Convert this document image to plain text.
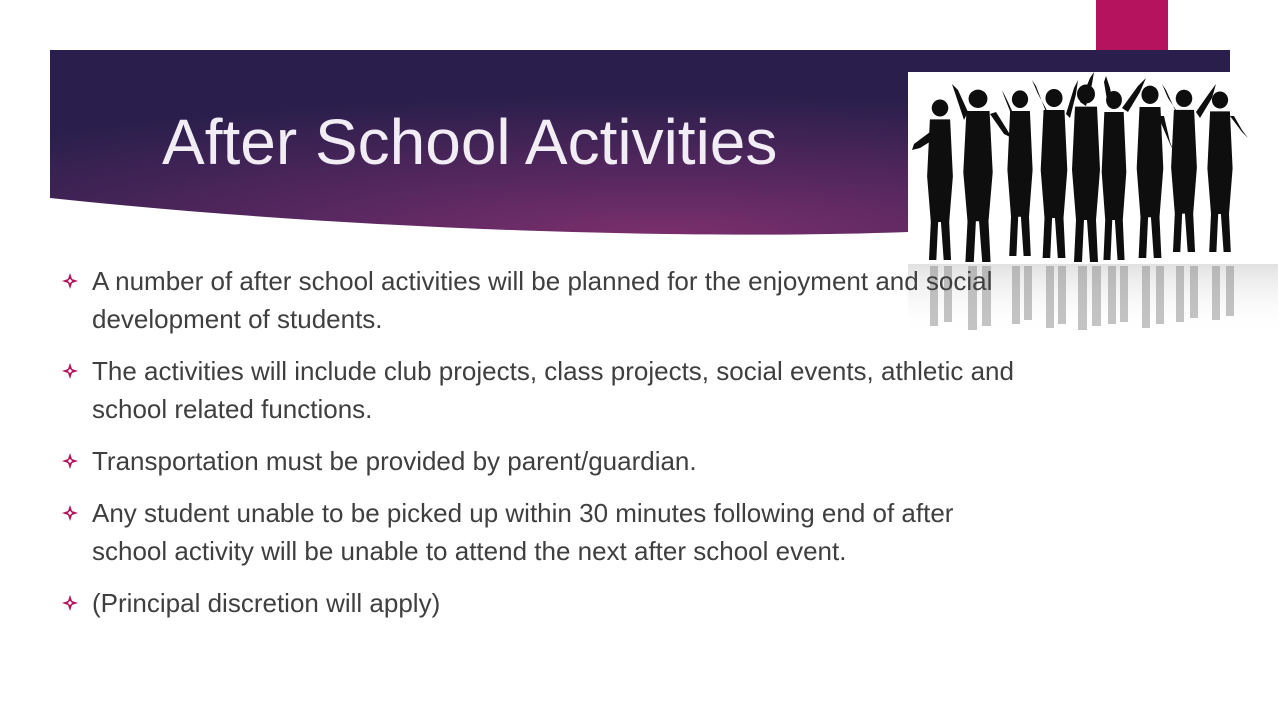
After School Activities
A number of after school activities will be planned for the enjoyment and social development of students.
The activities will include club projects, class projects, social events, athletic and school related functions.
Transportation must be provided by parent/guardian.
Any student unable to be picked up within 30 minutes following end of after school activity will be unable to attend the next after school event.
(Principal discretion will apply)
